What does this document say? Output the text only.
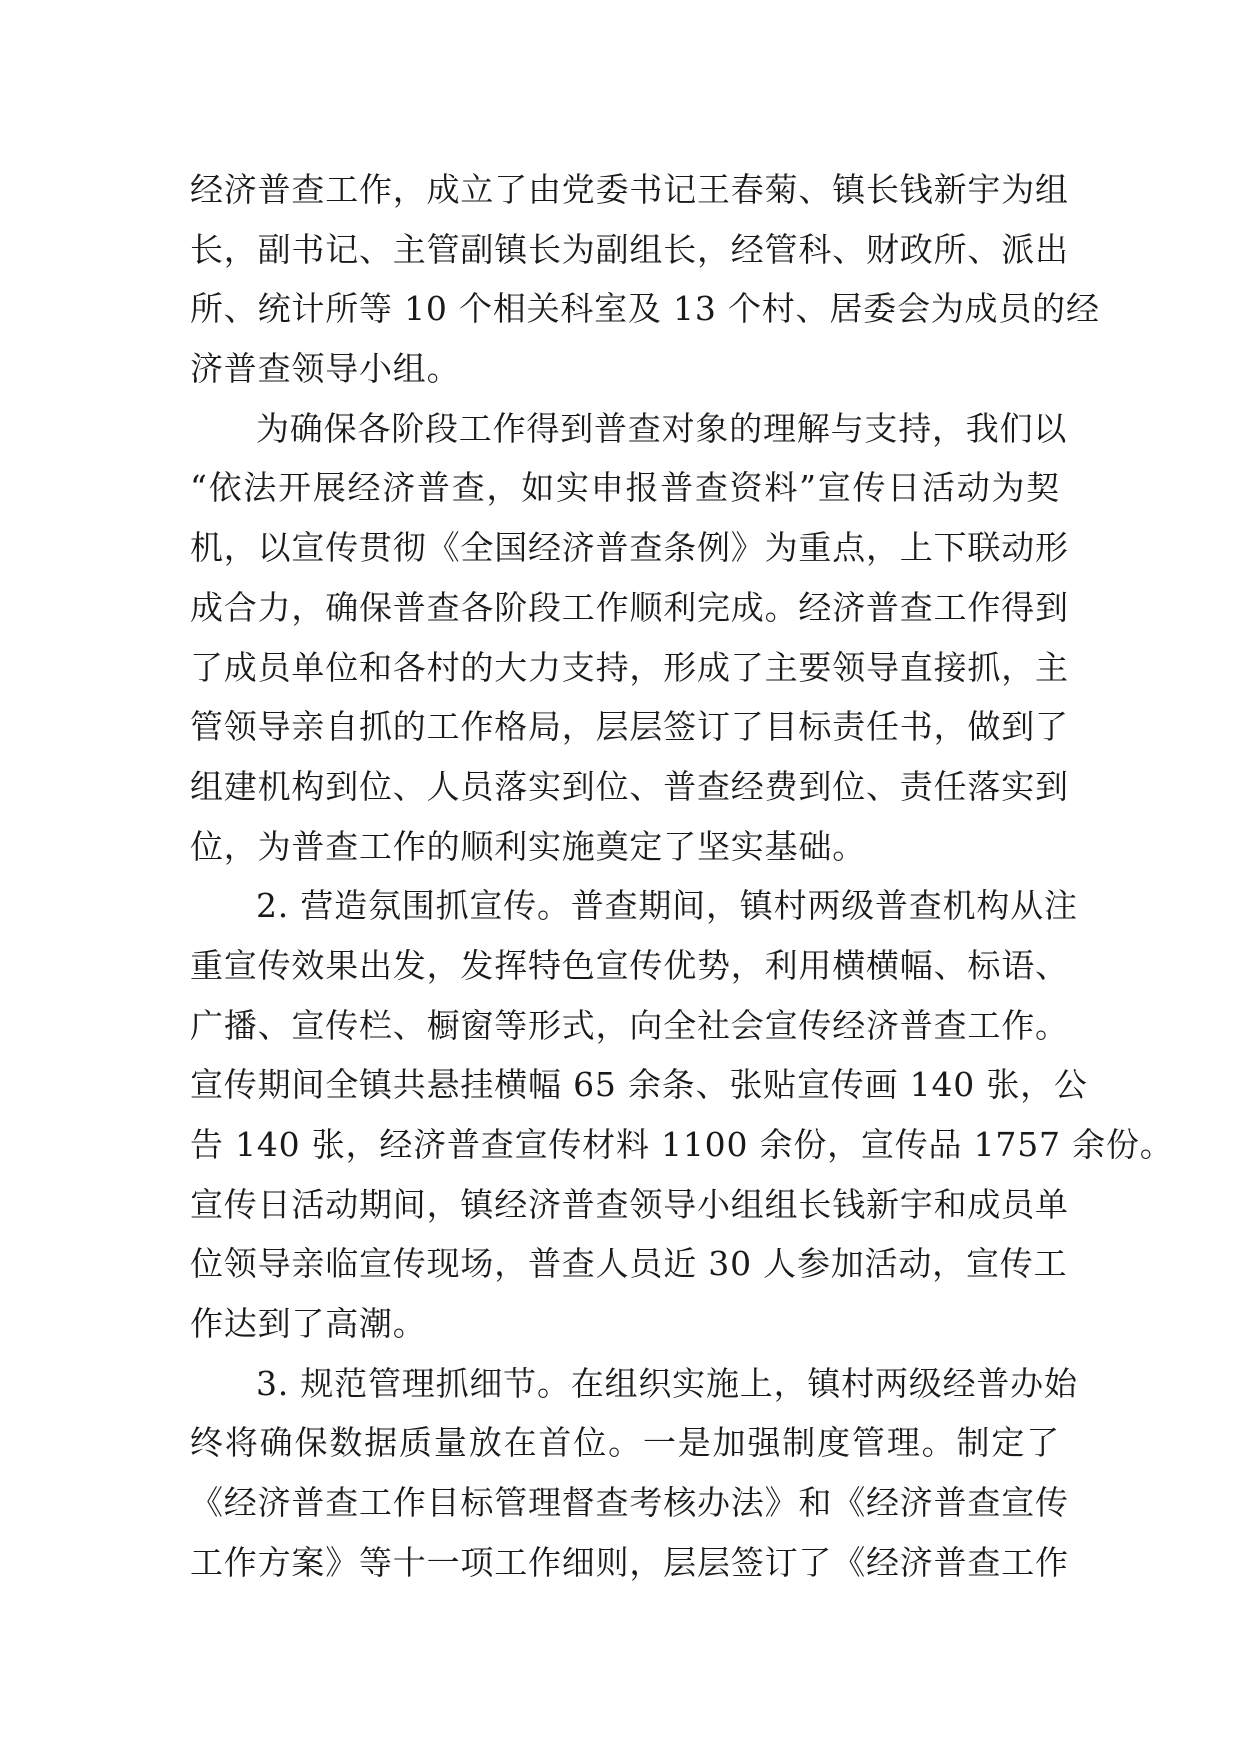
经济普查工作，成立了由党委书记王春菊、镇长钱新宇为组
长，副书记、主管副镇长为副组长，经管科、财政所、派出
所、统计所等 10 个相关科室及 13 个村、居委会为成员的经
济普查领导小组。
为确保各阶段工作得到普查对象的理解与支持，我们以
“依法开展经济普查，如实申报普查资料”宣传日活动为契
机，以宣传贯彻《全国经济普查条例》为重点，上下联动形
成合力，确保普查各阶段工作顺利完成。经济普查工作得到
了成员单位和各村的大力支持，形成了主要领导直接抓，主
管领导亲自抓的工作格局，层层签订了目标责任书，做到了
组建机构到位、人员落实到位、普查经费到位、责任落实到
位，为普查工作的顺利实施奠定了坚实基础。
2. 营造氛围抓宣传。普查期间，镇村两级普查机构从注
重宣传效果出发，发挥特色宣传优势，利用横横幅、标语、
广播、宣传栏、橱窗等形式，向全社会宣传经济普查工作。
宣传期间全镇共悬挂横幅 65 余条、张贴宣传画 140 张，公
告 140 张，经济普查宣传材料 1100 余份，宣传品 1757 余份。
宣传日活动期间，镇经济普查领导小组组长钱新宇和成员单
位领导亲临宣传现场，普查人员近 30 人参加活动，宣传工
作达到了高潮。
3. 规范管理抓细节。在组织实施上，镇村两级经普办始
终将确保数据质量放在首位。一是加强制度管理。制定了
《经济普查工作目标管理督查考核办法》和《经济普查宣传
工作方案》等十一项工作细则，层层签订了《经济普查工作
